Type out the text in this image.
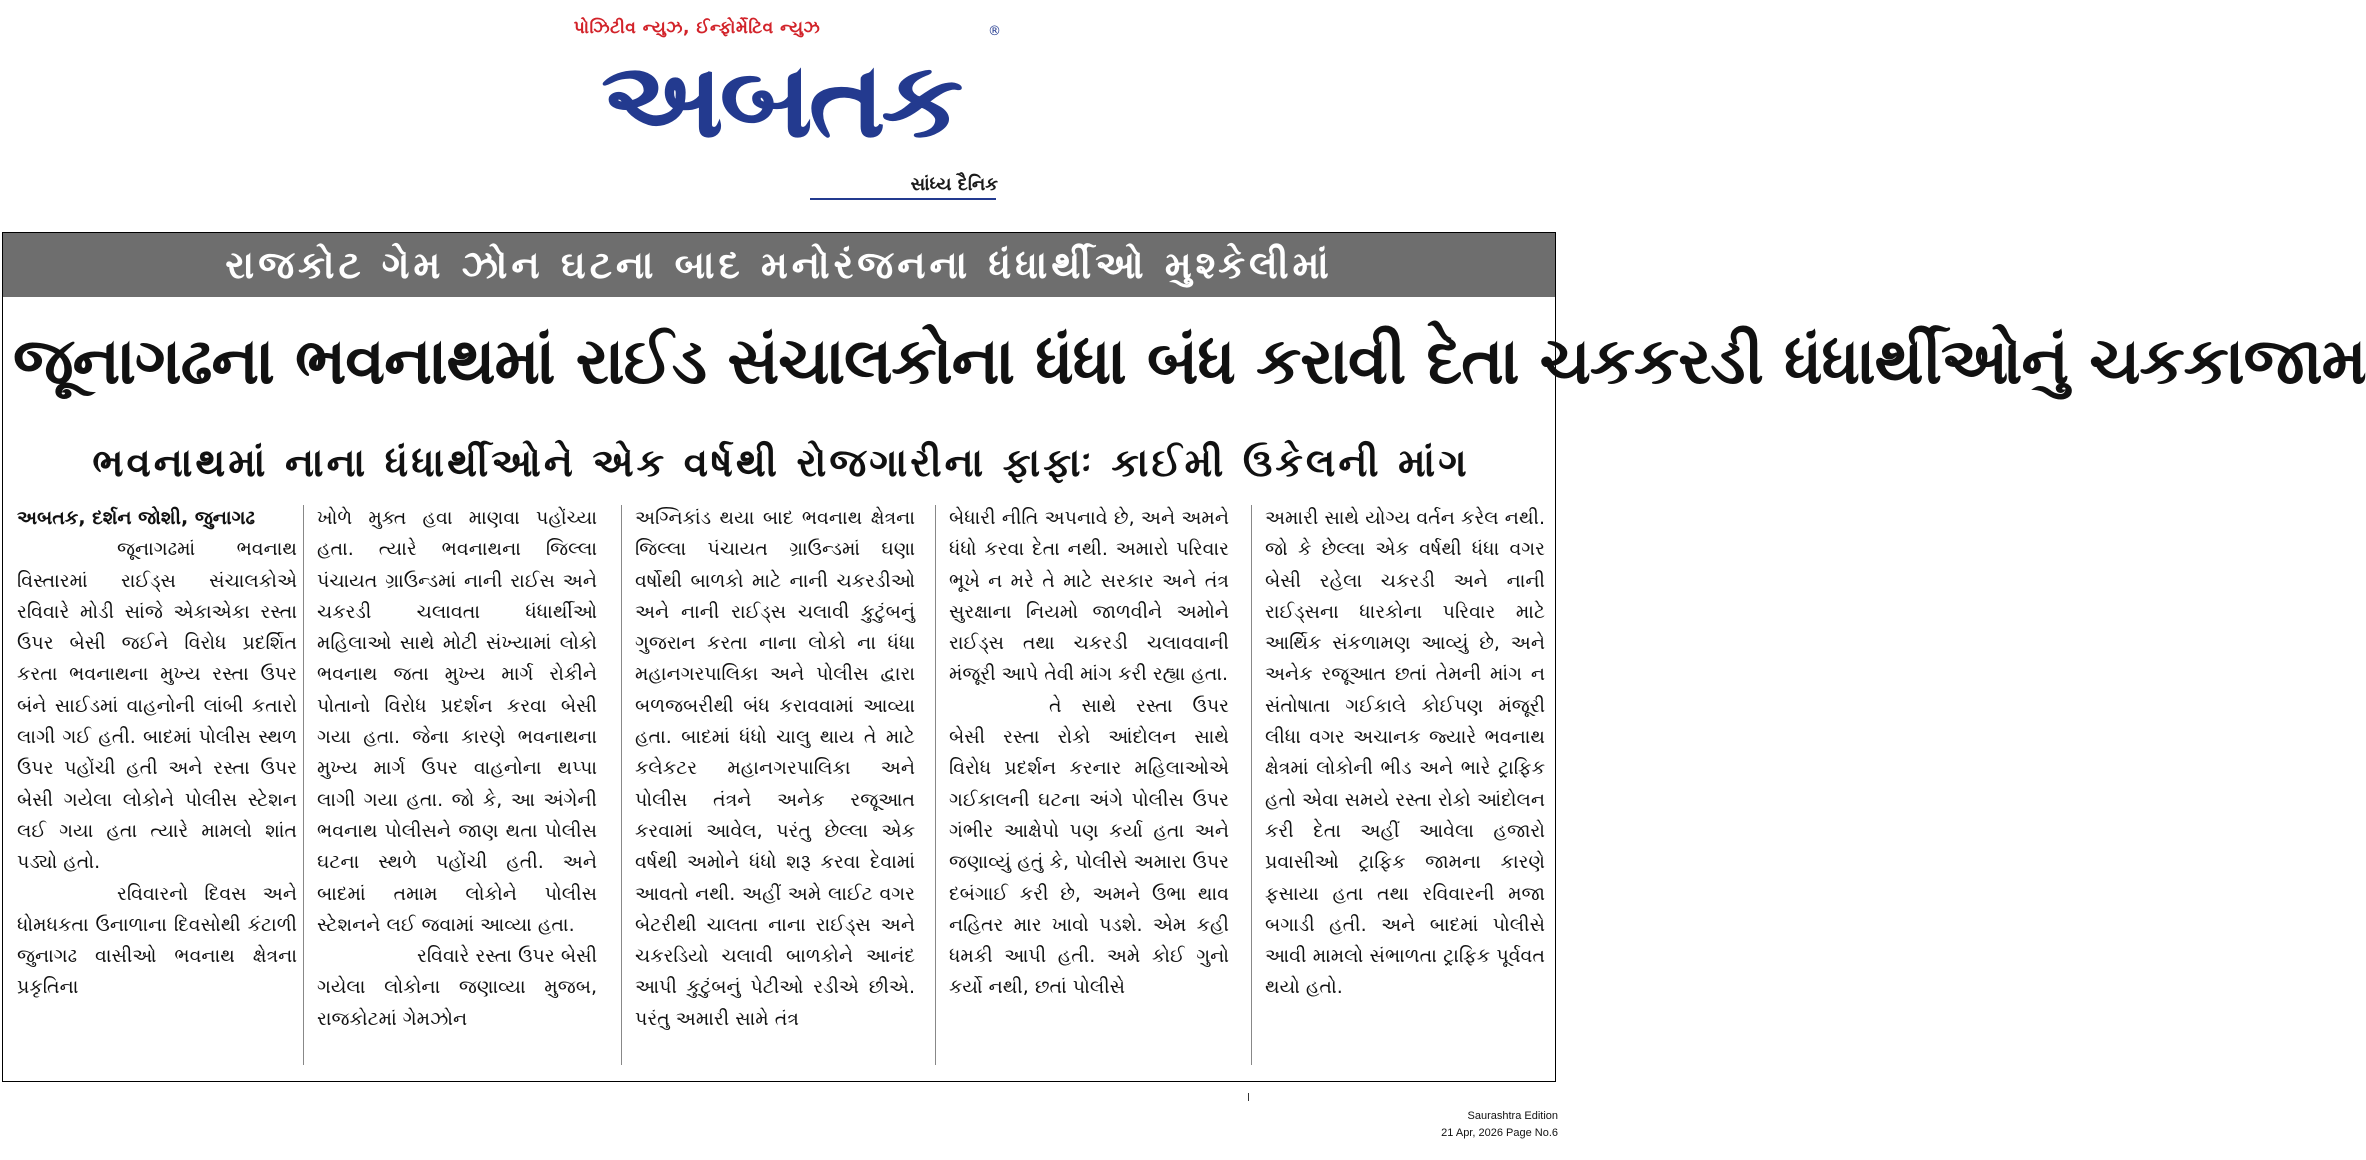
પોઝિટીવ ન્યુઝ, ઈન્ફોર્મેટિવ ન્યુઝ
અબતક
®
સાંધ્ય દૈનિક
રાજકોટ ગેમ ઝોન ઘટના બાદ મનોરંજનના ધંધાર્થીઓ મુશ્કેલીમાં
જૂનાગઢના ભવનાથમાં રાઈડ સંચાલકોના ધંધા બંધ કરાવી દેતા ચકકરડી ધંધાર્થીઓનું ચકકાજામ
ભવનાથમાં નાના ધંધાર્થીઓને એક વર્ષથી રોજગારીના ફાફાઃ કાઈમી ઉકેલની માંગ

અબતક, દર્શન જોશી, જુનાગઢ

જૂનાગઢમાં ભવનાથ વિસ્તારમાં રાઈડ્સ સંચાલકોએ રવિવારે મોડી સાંજે એકાએકા રસ્તા ઉપર બેસી જઈને વિરોધ પ્રદર્શિત કરતા ભવનાથના મુખ્ય રસ્તા ઉપર બંને સાઈડમાં વાહનોની લાંબી કતારો લાગી ગઈ હતી. બાદમાં પોલીસ સ્થળ ઉપર પહોંચી હતી અને રસ્તા ઉપર બેસી ગયેલા લોકોને પોલીસ સ્ટેશન લઈ ગયા હતા ત્યારે મામલો શાંત પડ્યો હતો.

રવિવારનો દિવસ અને ધોમધકતા ઉનાળાના દિવસોથી કંટાળી જુનાગઢ વાસીઓ ભવનાથ ક્ષેત્રના પ્રકૃતિના

ખોળે મુક્ત હવા માણવા પહોંચ્યા હતા. ત્યારે ભવનાથના જિલ્લા પંચાયત ગ્રાઉન્ડમાં નાની રાઈસ અને ચકરડી ચલાવતા ધંધાર્થીઓ મહિલાઓ સાથે મોટી સંખ્યામાં લોકો ભવનાથ જતા મુખ્ય માર્ગ રોકીને પોતાનો વિરોધ પ્રદર્શન કરવા બેસી ગયા હતા. જેના કારણે ભવનાથના મુખ્ય માર્ગ ઉપર વાહનોના થપ્પા લાગી ગયા હતા. જો કે, આ અંગેની ભવનાથ પોલીસને જાણ થતા પોલીસ ઘટના સ્થળે પહોંચી હતી. અને બાદમાં તમામ લોકોને પોલીસ સ્ટેશનને લઈ જવામાં આવ્યા હતા.

રવિવારે રસ્તા ઉપર બેસી ગયેલા લોકોના જણાવ્યા મુજબ, રાજકોટમાં ગેમઝોન

અગ્નિકાંડ થયા બાદ ભવનાથ ક્ષેત્રના જિલ્લા પંચાયત ગ્રાઉન્ડમાં ઘણા વર્ષોથી બાળકો માટે નાની ચકરડીઓ અને નાની રાઈડ્સ ચલાવી કુટુંબનું ગુજરાન કરતા નાના લોકો ના ધંધા મહાનગરપાલિકા અને પોલીસ દ્વારા બળજબરીથી બંધ કરાવવામાં આવ્યા હતા. બાદમાં ધંધો ચાલુ થાય તે માટે કલેકટર મહાનગરપાલિકા અને પોલીસ તંત્રને અનેક રજૂઆત કરવામાં આવેલ, પરંતુ છેલ્લા એક વર્ષથી અમોને ધંધો શરૂ કરવા દેવામાં આવતો નથી. અહીં અમે લાઈટ વગર બેટરીથી ચાલતા નાના રાઈડ્સ અને ચકરડિયો ચલાવી બાળકોને આનંદ આપી કુટુંબનું પેટીઓ રડીએ છીએ. પરંતુ અમારી સામે તંત્ર

બેધારી નીતિ અપનાવે છે, અને અમને ધંધો કરવા દેતા નથી. અમારો પરિવાર ભૂખે ન મરે તે માટે સરકાર અને તંત્ર સુરક્ષાના નિયમો જાળવીને અમોને રાઈડ્સ તથા ચકરડી ચલાવવાની મંજૂરી આપે તેવી માંગ કરી રહ્યા હતા.

તે સાથે રસ્તા ઉપર બેસી રસ્તા રોકો આંદોલન સાથે વિરોધ પ્રદર્શન કરનાર મહિલાઓએ ગઈકાલની ઘટના અંગે પોલીસ ઉપર ગંભીર આક્ષેપો પણ કર્યા હતા અને જણાવ્યું હતું કે, પોલીસે અમારા ઉપર દબંગાઈ કરી છે, અમને ઉભા થાવ નહિતર માર ખાવો પડશે. એમ કહી ધમકી આપી હતી. અમે કોઈ ગુનો કર્યો નથી, છતાં પોલીસે

અમારી સાથે યોગ્ય વર્તન કરેલ નથી. જો કે છેલ્લા એક વર્ષથી ધંધા વગર બેસી રહેલા ચકરડી અને નાની રાઈડ્સના ધારકોના પરિવાર માટે આર્થિક સંકળામણ આવ્યું છે, અને અનેક રજૂઆત છતાં તેમની માંગ ન સંતોષાતા ગઈકાલે કોઈપણ મંજૂરી લીધા વગર અચાનક જ્યારે ભવનાથ ક્ષેત્રમાં લોકોની ભીડ અને ભારે ટ્રાફિક હતો એવા સમયે રસ્તા રોકો આંદોલન કરી દેતા અહીં આવેલા હજારો પ્રવાસીઓ ટ્રાફિક જામના કારણે ફસાયા હતા તથા રવિવારની મજા બગાડી હતી. અને બાદમાં પોલીસે આવી મામલો સંભાળતા ટ્રાફિક પૂર્વવત થયો હતો.

Saurashtra Edition
21 Apr, 2026 Page No.6
